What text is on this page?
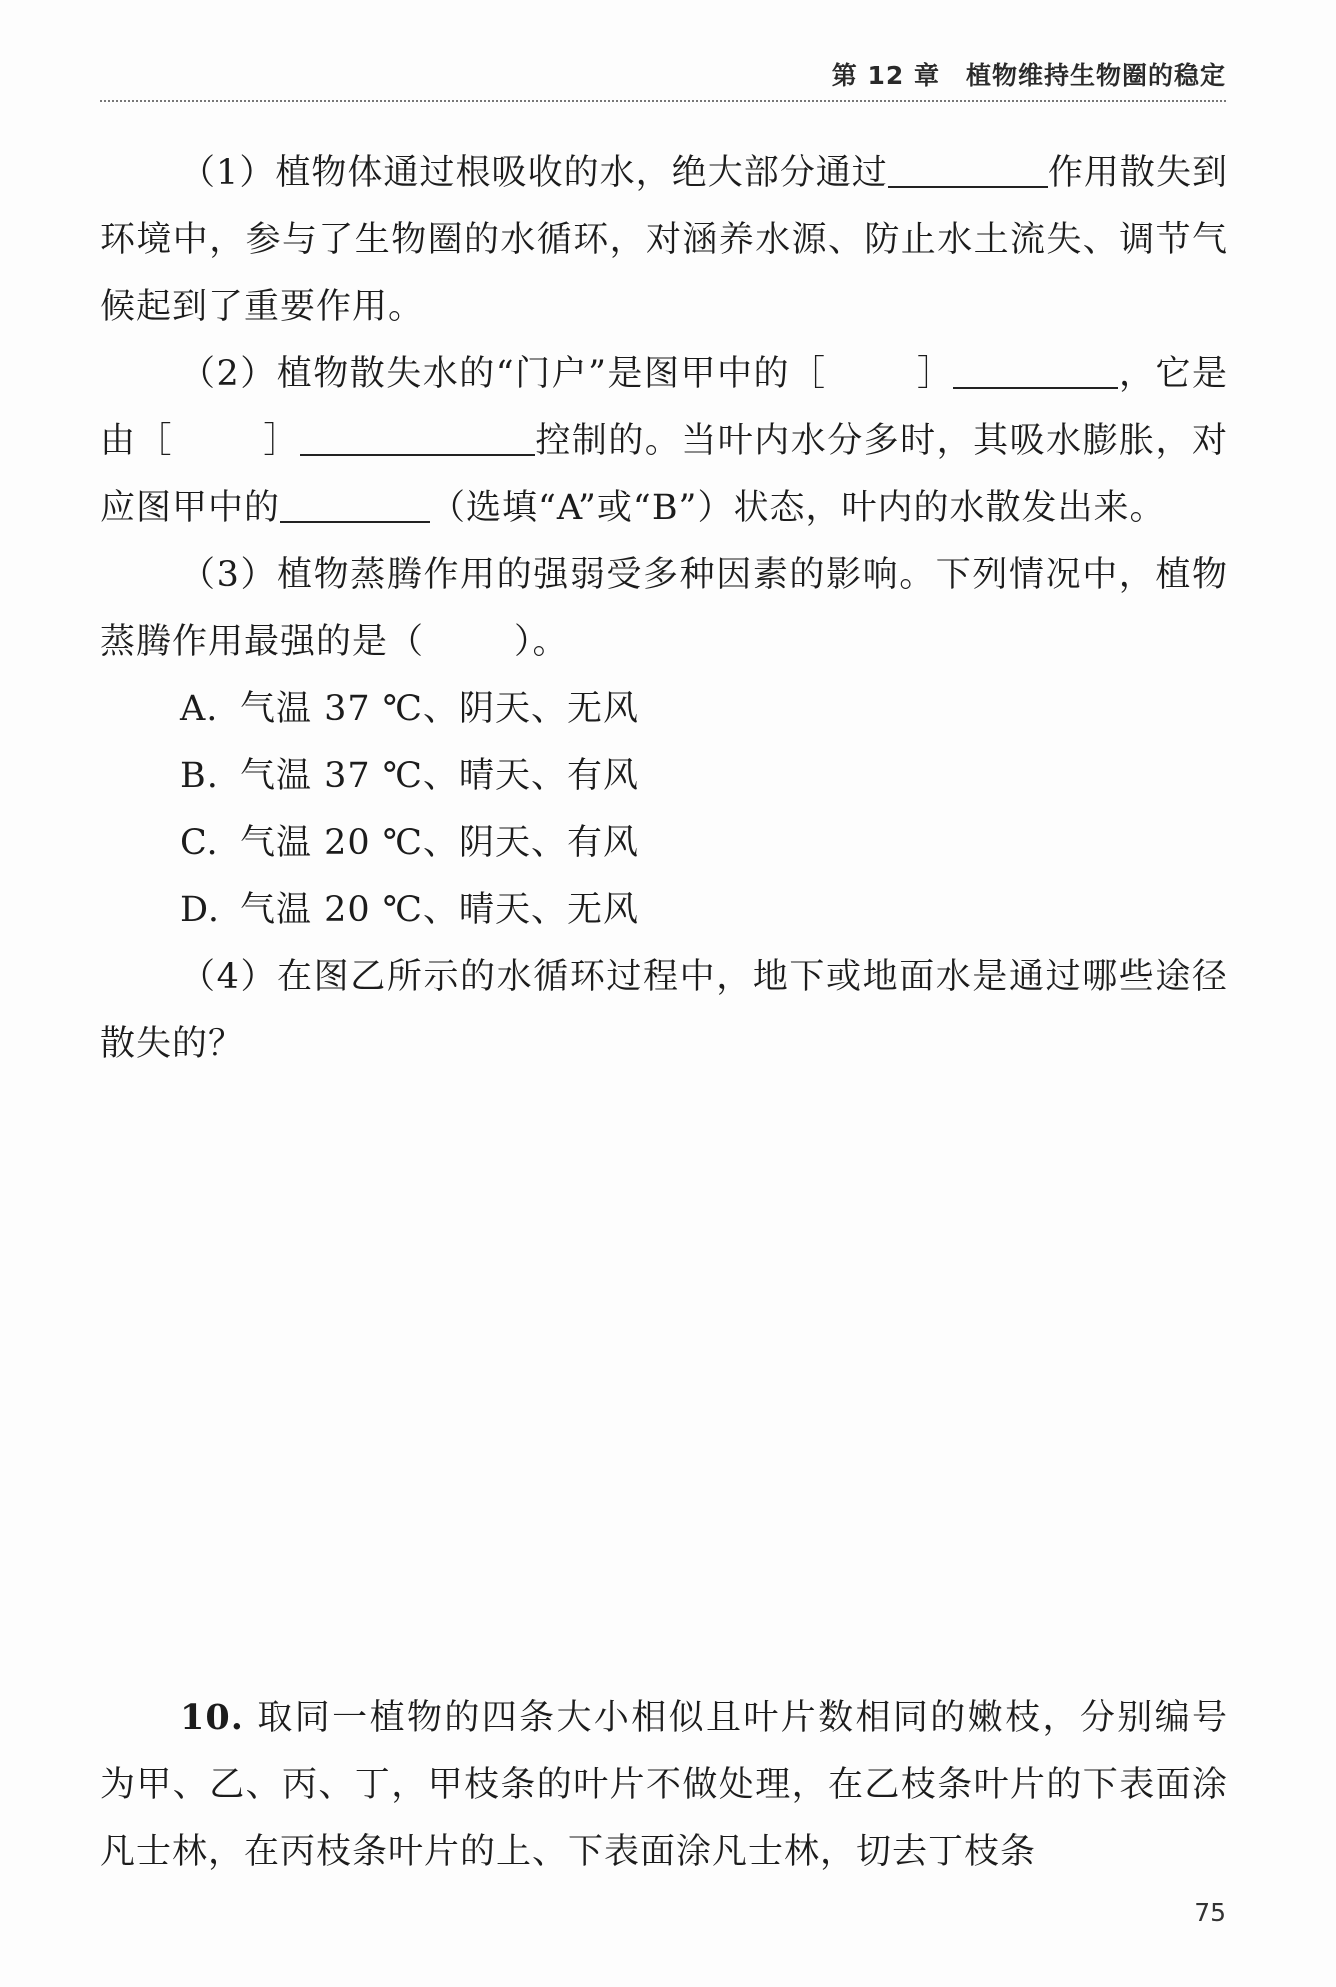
第 12 章　植物维持生物圈的稳定

（1）植物体通过根吸收的水，绝大部分通过	作用散失到环境中，参与了生物圈的水循环，对涵养水源、防止水土流失、调节气候起到了重要作用。

（2）植物散失水的“门户”是图甲中的［	］	，它是由［	］	控制的。当叶内水分多时，其吸水膨胀，对应图甲中的	（选填“A”或“B”）状态，叶内的水散发出来。

（3）植物蒸腾作用的强弱受多种因素的影响。下列情况中，植物蒸腾作用最强的是（	）。

A. 气温 37 ℃、阴天、无风

B. 气温 37 ℃、晴天、有风

C. 气温 20 ℃、阴天、有风

D. 气温 20 ℃、晴天、无风

（4）在图乙所示的水循环过程中，地下或地面水是通过哪些途径散失的？

10. 取同一植物的四条大小相似且叶片数相同的嫩枝，分别编号为甲、乙、丙、丁，甲枝条的叶片不做处理，在乙枝条叶片的下表面涂凡士林，在丙枝条叶片的上、下表面涂凡士林，切去丁枝条

75
